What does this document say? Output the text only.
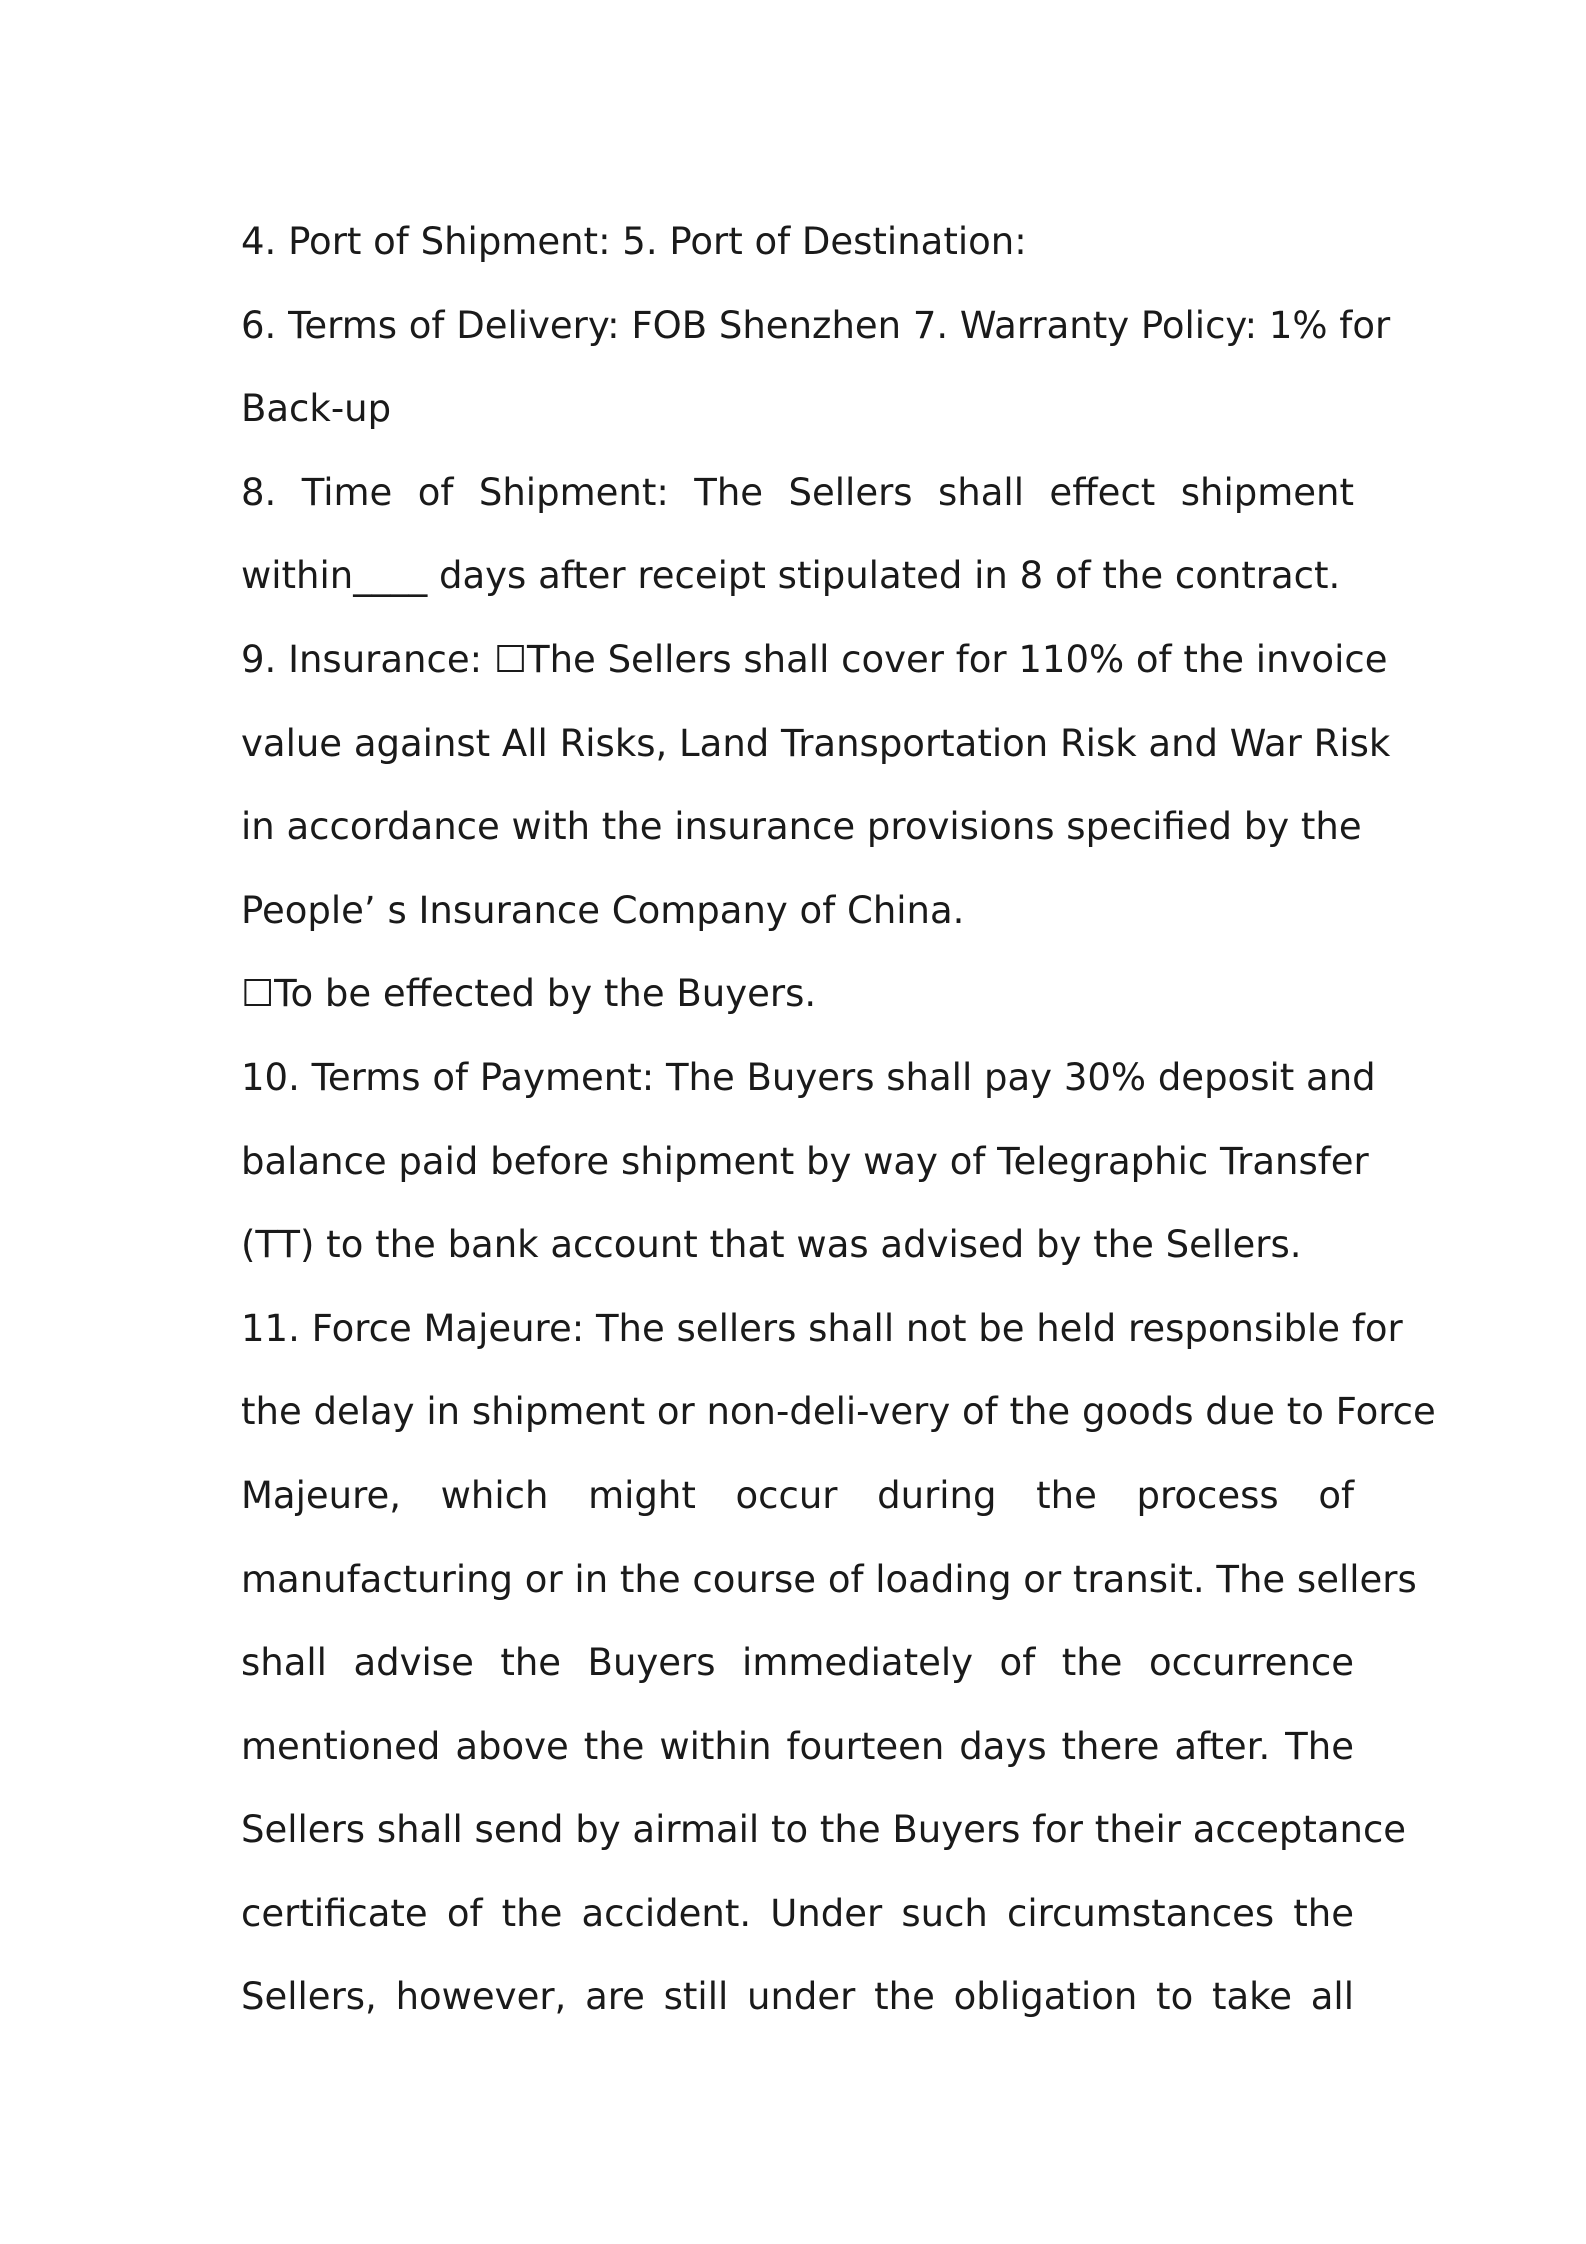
4. Port of Shipment: 5. Port of Destination:
6. Terms of Delivery: FOB Shenzhen 7. Warranty Policy: 1% for
Back-up
8. Time of Shipment: The Sellers shall effect shipment
within____ days after receipt stipulated in 8 of the contract.
9. Insurance: ☐The Sellers shall cover for 110% of the invoice
value against All Risks, Land Transportation Risk and War Risk
in accordance with the insurance provisions specified by the
People’ s Insurance Company of China.
☐To be effected by the Buyers.
10. Terms of Payment: The Buyers shall pay 30% deposit and
balance paid before shipment by way of Telegraphic Transfer
(TT) to the bank account that was advised by the Sellers.
11. Force Majeure: The sellers shall not be held responsible for
the delay in shipment or non-deli-very of the goods due to Force
Majeure, which might occur during the process of
manufacturing or in the course of loading or transit. The sellers
shall advise the Buyers immediately of the occurrence
mentioned above the within fourteen days there after. The
Sellers shall send by airmail to the Buyers for their acceptance
certificate of the accident. Under such circumstances the
Sellers, however, are still under the obligation to take all
